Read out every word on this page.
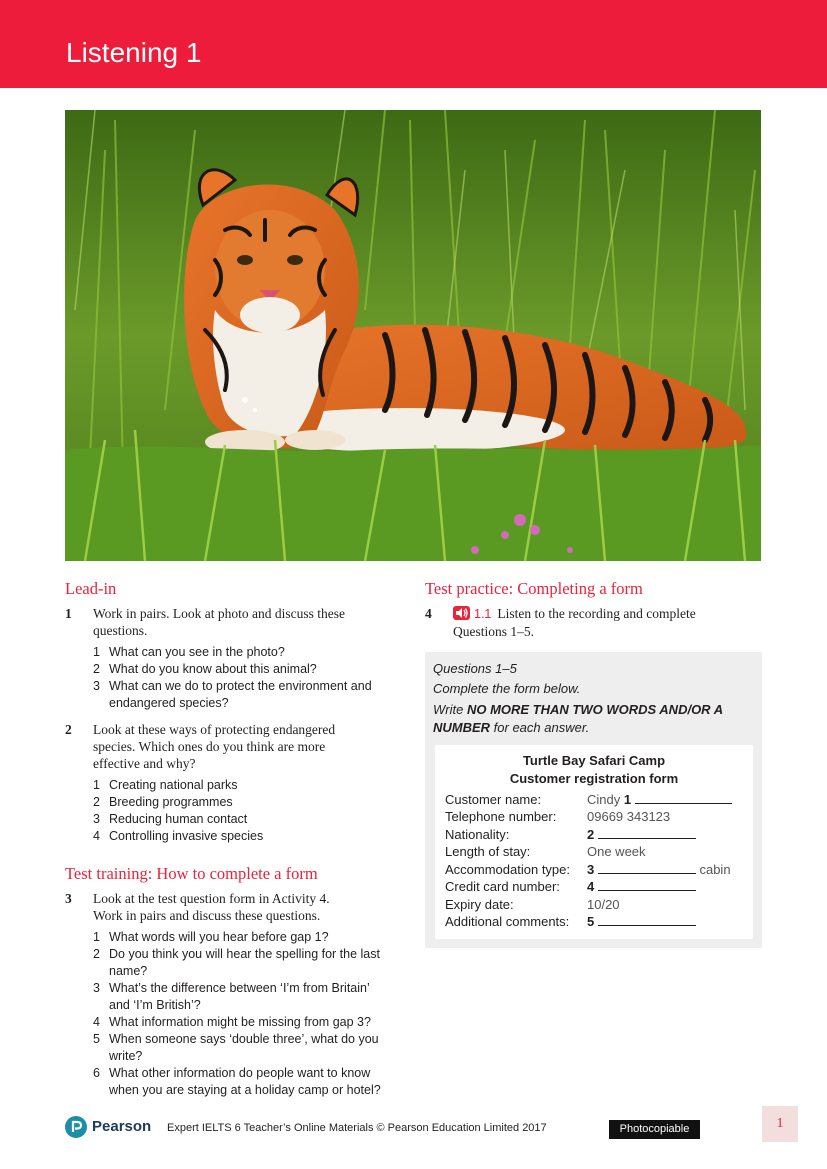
Listening 1
Lead-in
1 Work in pairs. Look at photo and discuss these
questions.
1 What can you see in the photo?
2 What do you know about this animal?
3 What can we do to protect the environment and
endangered species?
2 Look at these ways of protecting endangered
species. Which ones do you think are more
effective and why?
1 Creating national parks
2 Breeding programmes
3 Reducing human contact
4 Controlling invasive species
Test training: How to complete a form
3 Look at the test question form in Activity 4.
Work in pairs and discuss these questions.
1 What words will you hear before gap 1?
2 Do you think you will hear the spelling for the last
name?
3 What’s the difference between ‘I’m from Britain’
and ‘I’m British’?
4 What information might be missing from gap 3?
5 When someone says ‘double three’, what do you
write?
6 What other information do people want to know
when you are staying at a holiday camp or hotel?
Test practice: Completing a form
4	1.1 Listen to the recording and complete
Questions 1–5.
Questions 1–5
Complete the form below.
Write NO MORE THAN TWO WORDS AND/OR A
NUMBER for each answer.
Turtle Bay Safari Camp
Customer registration form
Customer name:	Cindy 1
Telephone number: 09669 343123
Nationality:	2
Length of stay:	One week
Accommodation type: 3	cabin
Credit card number: 4
Expiry date:	10/20
Additional comments: 5
Pearson Expert IELTS 6 Teacher’s Online Materials © Pearson Education Limited 2017	Photocopiable	1
